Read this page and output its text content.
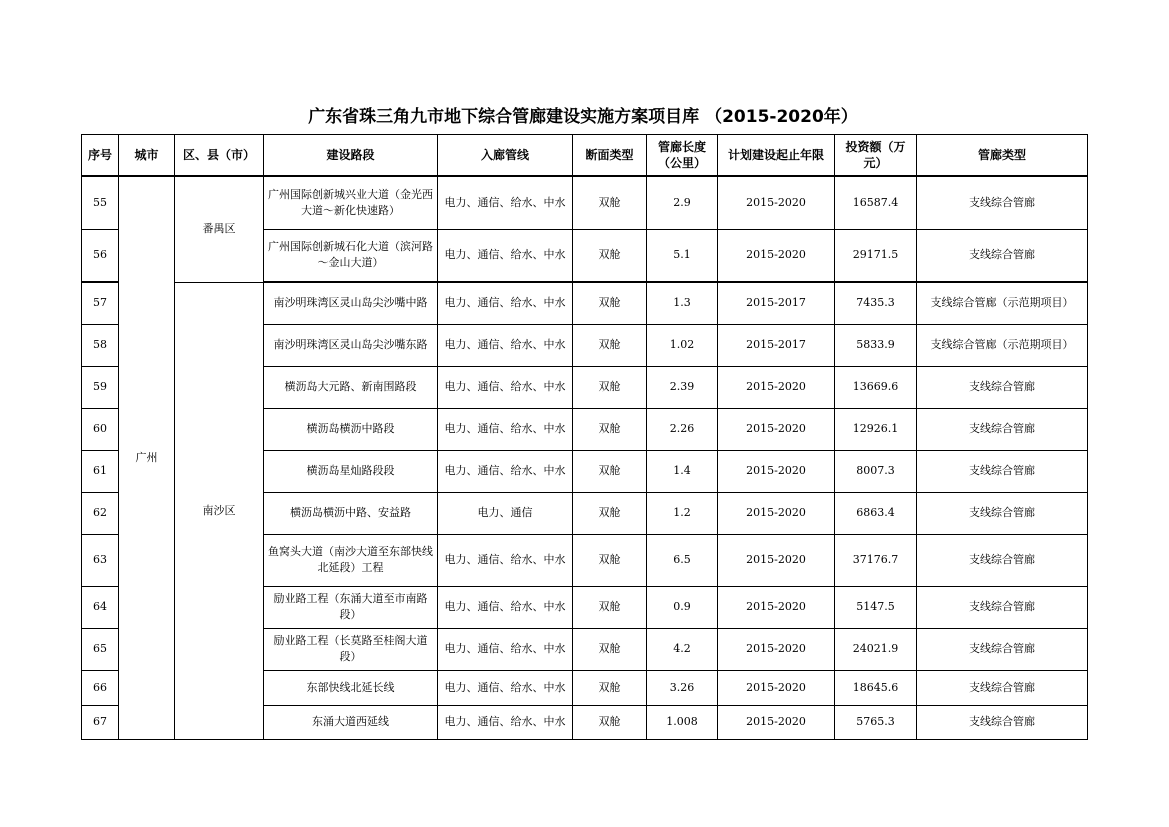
广东省珠三角九市地下综合管廊建设实施方案项目库 （2015-2020年）
序号	城市	区、县（市）	建设路段	入廊管线	断面类型	管廊长度（公里）	计划建设起止年限	投资额（万元）	管廊类型
55	广州	番禺区	广州国际创新城兴业大道（金光西大道～新化快速路）	电力、通信、给水、中水	双舱	2.9	2015-2020	16587.4	支线综合管廊
56			广州国际创新城石化大道（滨河路～金山大道）	电力、通信、给水、中水	双舱	5.1	2015-2020	29171.5	支线综合管廊
57		南沙区	南沙明珠湾区灵山岛尖沙嘴中路	电力、通信、给水、中水	双舱	1.3	2015-2017	7435.3	支线综合管廊（示范期项目）
58			南沙明珠湾区灵山岛尖沙嘴东路	电力、通信、给水、中水	双舱	1.02	2015-2017	5833.9	支线综合管廊（示范期项目）
59			横沥岛大元路、新南围路段	电力、通信、给水、中水	双舱	2.39	2015-2020	13669.6	支线综合管廊
60			横沥岛横沥中路段	电力、通信、给水、中水	双舱	2.26	2015-2020	12926.1	支线综合管廊
61			横沥岛星灿路段段	电力、通信、给水、中水	双舱	1.4	2015-2020	8007.3	支线综合管廊
62			横沥岛横沥中路、安益路	电力、通信	双舱	1.2	2015-2020	6863.4	支线综合管廊
63			鱼窝头大道（南沙大道至东部快线北延段）工程	电力、通信、给水、中水	双舱	6.5	2015-2020	37176.7	支线综合管廊
64			励业路工程（东涌大道至市南路段）	电力、通信、给水、中水	双舱	0.9	2015-2020	5147.5	支线综合管廊
65			励业路工程（长莫路至桂阁大道段）	电力、通信、给水、中水	双舱	4.2	2015-2020	24021.9	支线综合管廊
66			东部快线北延长线	电力、通信、给水、中水	双舱	3.26	2015-2020	18645.6	支线综合管廊
67			东涌大道西延线	电力、通信、给水、中水	双舱	1.008	2015-2020	5765.3	支线综合管廊
